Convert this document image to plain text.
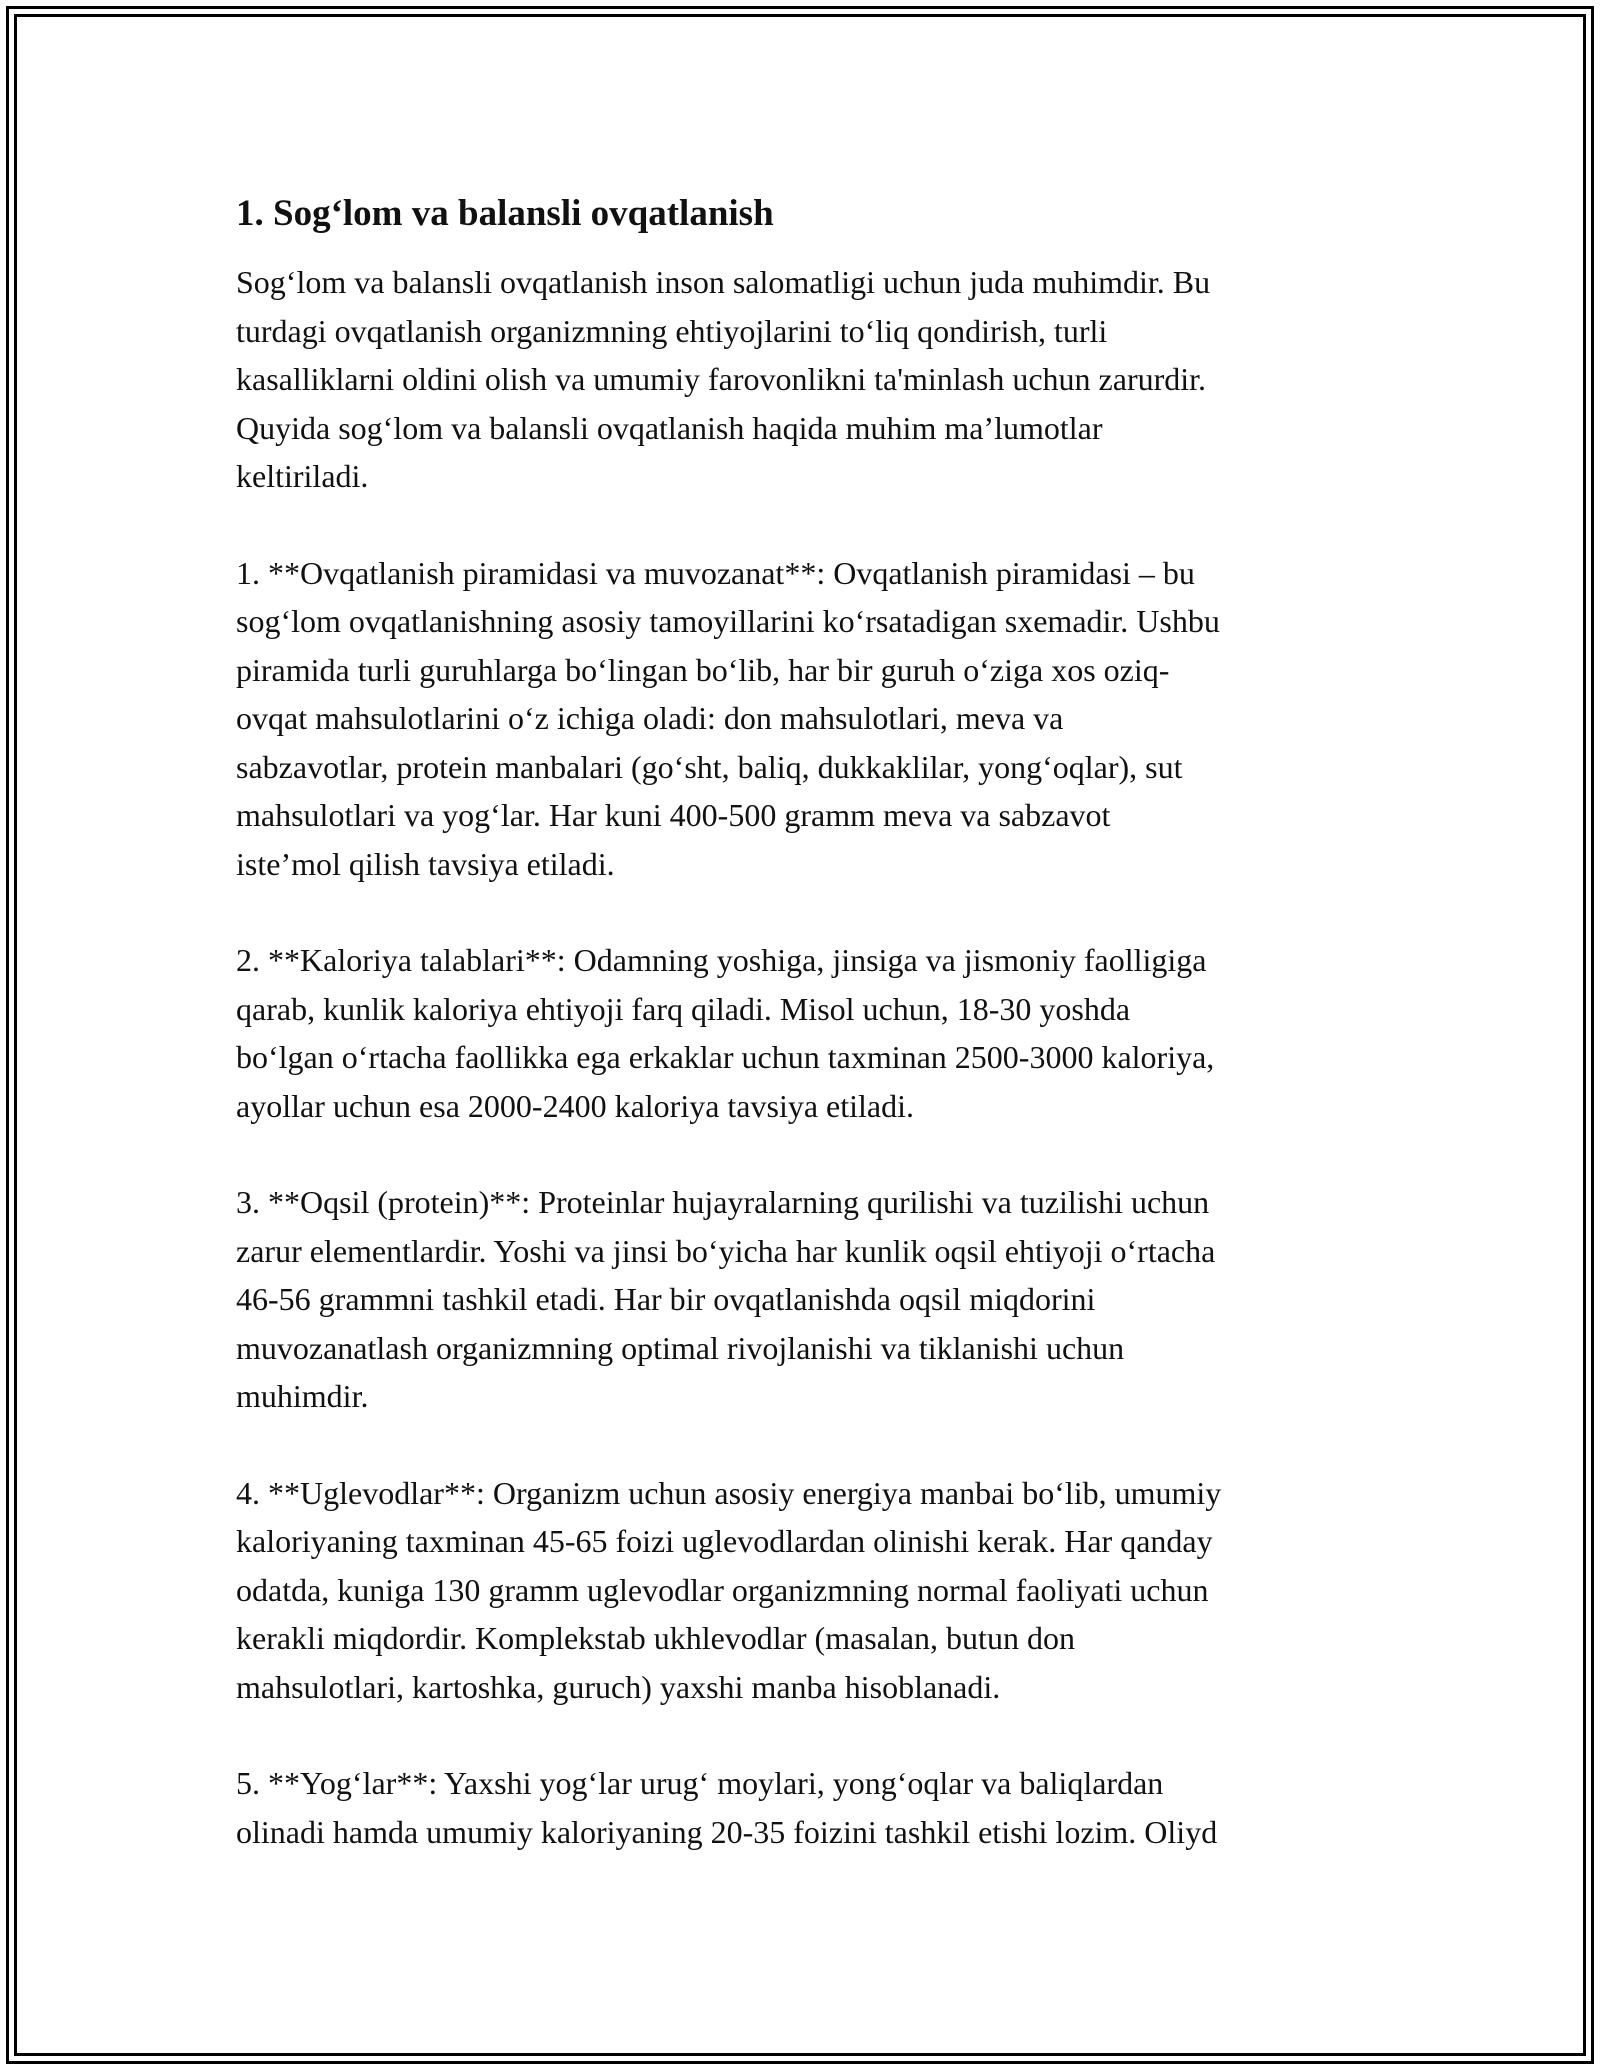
1. Sog‘lom va balansli ovqatlanish
Sog‘lom va balansli ovqatlanish inson salomatligi uchun juda muhimdir. Bu
turdagi ovqatlanish organizmning ehtiyojlarini to‘liq qondirish, turli
kasalliklarni oldini olish va umumiy farovonlikni ta'minlash uchun zarurdir.
Quyida sog‘lom va balansli ovqatlanish haqida muhim ma’lumotlar
keltiriladi.
1. **Ovqatlanish piramidasi va muvozanat**: Ovqatlanish piramidasi – bu
sog‘lom ovqatlanishning asosiy tamoyillarini ko‘rsatadigan sxemadir. Ushbu
piramida turli guruhlarga bo‘lingan bo‘lib, har bir guruh o‘ziga xos oziq-
ovqat mahsulotlarini o‘z ichiga oladi: don mahsulotlari, meva va
sabzavotlar, protein manbalari (go‘sht, baliq, dukkaklilar, yong‘oqlar), sut
mahsulotlari va yog‘lar. Har kuni 400-500 gramm meva va sabzavot
iste’mol qilish tavsiya etiladi.
2. **Kaloriya talablari**: Odamning yoshiga, jinsiga va jismoniy faolligiga
qarab, kunlik kaloriya ehtiyoji farq qiladi. Misol uchun, 18-30 yoshda
bo‘lgan o‘rtacha faollikka ega erkaklar uchun taxminan 2500-3000 kaloriya,
ayollar uchun esa 2000-2400 kaloriya tavsiya etiladi.
3. **Oqsil (protein)**: Proteinlar hujayralarning qurilishi va tuzilishi uchun
zarur elementlardir. Yoshi va jinsi bo‘yicha har kunlik oqsil ehtiyoji o‘rtacha
46-56 grammni tashkil etadi. Har bir ovqatlanishda oqsil miqdorini
muvozanatlash organizmning optimal rivojlanishi va tiklanishi uchun
muhimdir.
4. **Uglevodlar**: Organizm uchun asosiy energiya manbai bo‘lib, umumiy
kaloriyaning taxminan 45-65 foizi uglevodlardan olinishi kerak. Har qanday
odatda, kuniga 130 gramm uglevodlar organizmning normal faoliyati uchun
kerakli miqdordir. Komplekstab ukhlevodlar (masalan, butun don
mahsulotlari, kartoshka, guruch) yaxshi manba hisoblanadi.
5. **Yog‘lar**: Yaxshi yog‘lar urug‘ moylari, yong‘oqlar va baliqlardan
olinadi hamda umumiy kaloriyaning 20-35 foizini tashkil etishi lozim. Oliyd
